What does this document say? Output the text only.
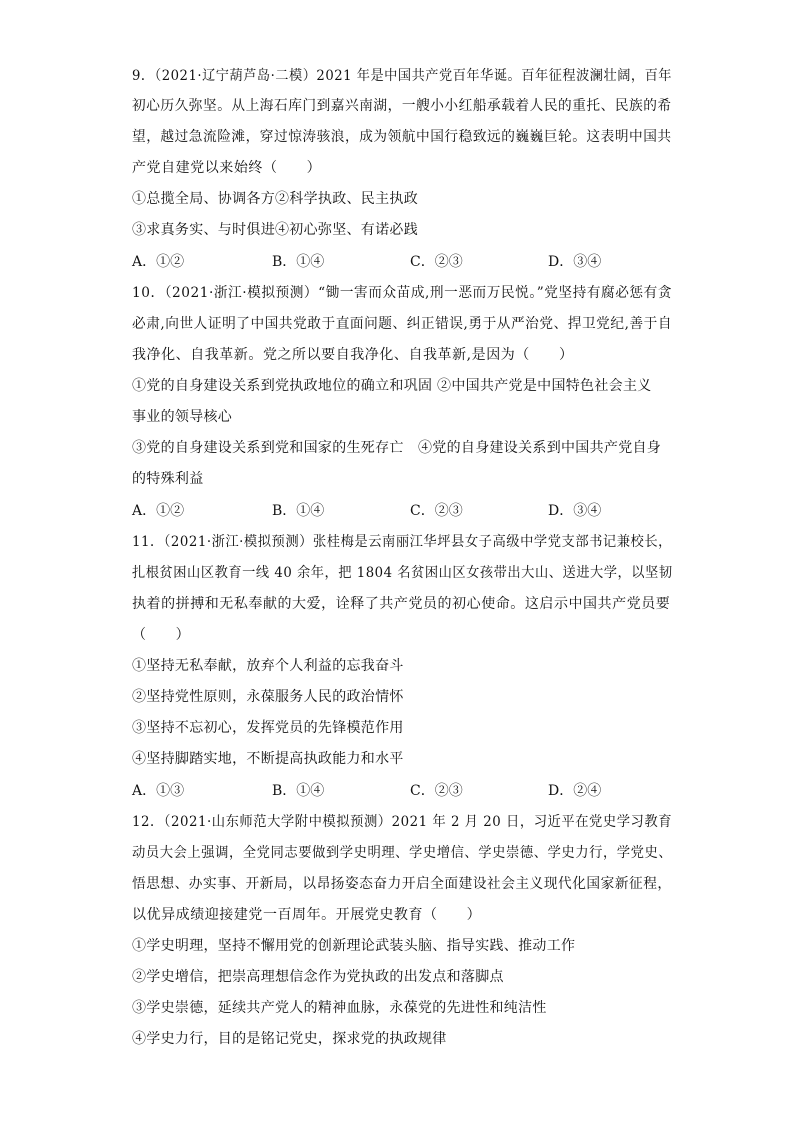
9．（2021·辽宁葫芦岛·二模）2021 年是中国共产党百年华诞。百年征程波澜壮阔，百年
初心历久弥坚。从上海石库门到嘉兴南湖，一艘小小红船承载着人民的重托、民族的希
望，越过急流险滩，穿过惊涛骇浪，成为领航中国行稳致远的巍巍巨轮。这表明中国共
产党自建党以来始终（　　）
①总揽全局、协调各方②科学执政、民主执政
③求真务实、与时俱进④初心弥坚、有诺必践
A．①②	B．①④	C．②③	D．③④
10．（2021·浙江·模拟预测）“锄一害而众苗成,刑一恶而万民悦。”党坚持有腐必惩有贪
必肃,向世人证明了中国共党敢于直面问题、纠正错误,勇于从严治党、捍卫党纪,善于自
我净化、自我革新。党之所以要自我净化、自我革新,是因为（　　）
①党的自身建设关系到党执政地位的确立和巩固 ②中国共产党是中国特色社会主义
事业的领导核心
③党的自身建设关系到党和国家的生死存亡　④党的自身建设关系到中国共产党自身
的特殊利益
A．①②	B．①④	C．②③	D．③④
11．（2021·浙江·模拟预测）张桂梅是云南丽江华坪县女子高级中学党支部书记兼校长，
扎根贫困山区教育一线 40 余年，把 1804 名贫困山区女孩带出大山、送进大学，以坚韧
执着的拼搏和无私奉献的大爱，诠释了共产党员的初心使命。这启示中国共产党员要
（　　）
①坚持无私奉献，放弃个人利益的忘我奋斗
②坚持党性原则，永葆服务人民的政治情怀
③坚持不忘初心，发挥党员的先锋模范作用
④坚持脚踏实地，不断提高执政能力和水平
A．①③	B．①④	C．②③	D．②④
12．（2021·山东师范大学附中模拟预测）2021 年 2 月 20 日，习近平在党史学习教育
动员大会上强调，全党同志要做到学史明理、学史增信、学史崇德、学史力行，学党史、
悟思想、办实事、开新局，以昂扬姿态奋力开启全面建设社会主义现代化国家新征程，
以优异成绩迎接建党一百周年。开展党史教育（　　）
①学史明理，坚持不懈用党的创新理论武装头脑、指导实践、推动工作
②学史增信，把崇高理想信念作为党执政的出发点和落脚点
③学史崇德，延续共产党人的精神血脉，永葆党的先进性和纯洁性
④学史力行，目的是铭记党史，探求党的执政规律
